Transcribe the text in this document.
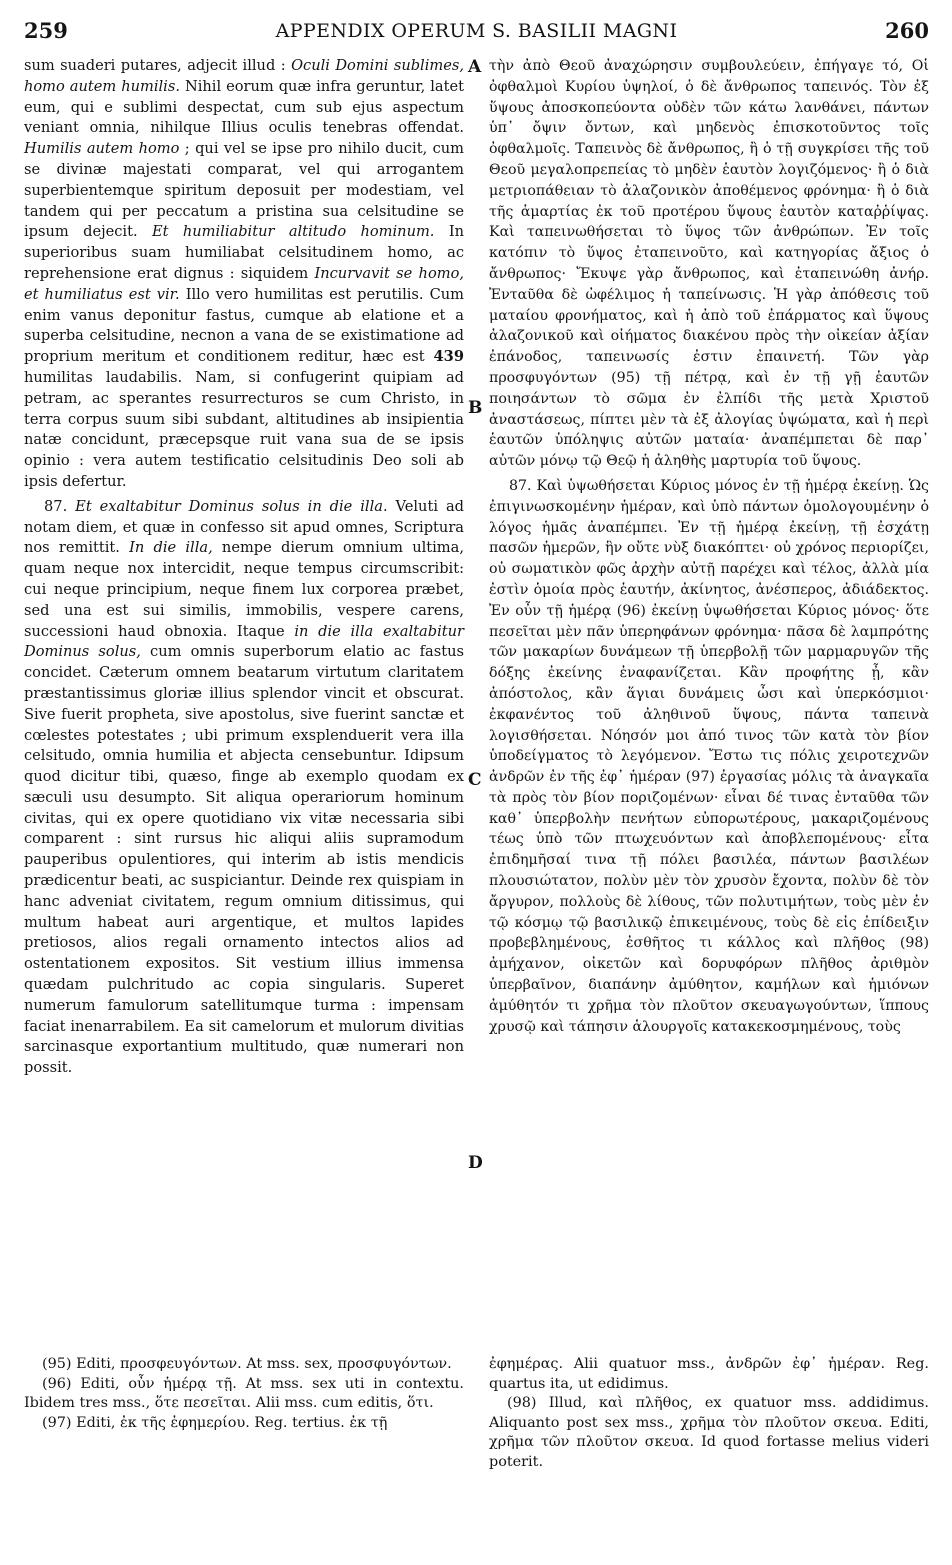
259	APPENDIX OPERUM S. BASILII MAGNI	260

sum suaderi putares, adjecit illud : Oculi Domini sublimes, homo autem humilis. Nihil eorum quæ infra geruntur, latet eum, qui e sublimi despectat, cum sub ejus aspectum veniant omnia, nihilque Illius oculis tenebras offendat. Humilis autem homo ; qui vel se ipse pro nihilo ducit, cum se divinæ majestati comparat, vel qui arrogantem superbientemque spiritum deposuit per modestiam, vel tandem qui per peccatum a pristina sua celsitudine se ipsum dejecit. Et humiliabitur altitudo hominum. In superioribus suam humiliabat celsitudinem homo, ac reprehensione erat dignus : siquidem Incurvavit se homo, et humiliatus est vir. Illo vero humilitas est perutilis. Cum enim vanus deponitur fastus, cumque ab elatione et a superba celsitudine, necnon a vana de se existimatione ad proprium meritum et conditionem reditur, hæc est 439 humilitas laudabilis. Nam, si confugerint quipiam ad petram, ac sperantes resurrecturos se cum Christo, in terra corpus suum sibi subdant, altitudines ab insipientia natæ concidunt, præcepsque ruit vana sua de se ipsis opinio : vera autem testificatio celsitudinis Deo soli ab ipsis defertur.

87. Et exaltabitur Dominus solus in die illa. Veluti ad notam diem, et quæ in confesso sit apud omnes, Scriptura nos remittit. In die illa, nempe dierum omnium ultima, quam neque nox intercidit, neque tempus circumscribit: cui neque principium, neque finem lux corporea præbet, sed una est sui similis, immobilis, vespere carens, successioni haud obnoxia. Itaque in die illa exaltabitur Dominus solus, cum omnis superborum elatio ac fastus concidet. Cæterum omnem beatarum virtutum claritatem præstantissimus gloriæ illius splendor vincit et obscurat. Sive fuerit propheta, sive apostolus, sive fuerint sanctæ et cœlestes potestates ; ubi primum exsplenduerit vera illa celsitudo, omnia humilia et abjecta censebuntur. Idipsum quod dicitur tibi, quæso, finge ab exemplo quodam ex sæculi usu desumpto. Sit aliqua operariorum hominum civitas, qui ex opere quotidiano vix vitæ necessaria sibi comparent : sint rursus hic aliqui aliis supramodum pauperibus opulentiores, qui interim ab istis mendicis prædicentur beati, ac suspiciantur. Deinde rex quispiam in hanc adveniat civitatem, regum omnium ditissimus, qui multum habeat auri argentique, et multos lapides pretiosos, alios regali ornamento intectos alios ad ostentationem expositos. Sit vestium illius immensa quædam pulchritudo ac copia singularis. Superet numerum famulorum satellitumque turma : impensam faciat inenarrabilem. Ea sit camelorum et mulorum divitias sarcinasque exportantium multitudo, quæ numerari non possit.

A
B
C
D

τὴν ἀπὸ Θεοῦ ἀναχώρησιν συμβουλεύειν, ἐπήγαγε τό, Οἱ ὀφθαλμοὶ Κυρίου ὑψηλοί, ὁ δὲ ἄνθρωπος ταπεινός. Τὸν ἐξ ὕψους ἀποσκοπεύοντα οὐδὲν τῶν κάτω λανθάνει, πάντων ὑπ᾽ ὄψιν ὄντων, καὶ μηδενὸς ἐπισκοτοῦντος τοῖς ὀφθαλμοῖς. Ταπεινὸς δὲ ἄνθρωπος, ἢ ὁ τῇ συγκρίσει τῆς τοῦ Θεοῦ μεγαλοπρεπείας τὸ μηδὲν ἑαυτὸν λογιζόμενος· ἢ ὁ διὰ μετριοπάθειαν τὸ ἀλαζονικὸν ἀποθέμενος φρόνημα· ἢ ὁ διὰ τῆς ἁμαρτίας ἐκ τοῦ προτέρου ὕψους ἑαυτὸν καταῤῥίψας. Καὶ ταπεινωθήσεται τὸ ὕψος τῶν ἀνθρώπων. Ἐν τοῖς κατόπιν τὸ ὕψος ἐταπεινοῦτο, καὶ κατηγορίας ἄξιος ὁ ἄνθρωπος· Ἔκυψε γὰρ ἄνθρωπος, καὶ ἐταπεινώθη ἀνήρ. Ἐνταῦθα δὲ ὠφέλιμος ἡ ταπείνωσις. Ἡ γὰρ ἀπόθεσις τοῦ ματαίου φρονήματος, καὶ ἡ ἀπὸ τοῦ ἐπάρματος καὶ ὕψους ἀλαζονικοῦ καὶ οἰήματος διακένου πρὸς τὴν οἰκείαν ἀξίαν ἐπάνοδος, ταπεινωσίς ἐστιν ἐπαινετή. Τῶν γὰρ προσφυγόντων (95) τῇ πέτρᾳ, καὶ ἐν τῇ γῇ ἑαυτῶν ποιησάντων τὸ σῶμα ἐν ἐλπίδι τῆς μετὰ Χριστοῦ ἀναστάσεως, πίπτει μὲν τὰ ἐξ ἀλογίας ὑψώματα, καὶ ἡ περὶ ἑαυτῶν ὑπόληψις αὐτῶν ματαία· ἀναπέμπεται δὲ παρ᾽ αὐτῶν μόνῳ τῷ Θεῷ ἡ ἀληθὴς μαρτυρία τοῦ ὕψους.

87. Καὶ ὑψωθήσεται Κύριος μόνος ἐν τῇ ἡμέρᾳ ἐκείνῃ. Ὡς ἐπιγινωσκομένην ἡμέραν, καὶ ὑπὸ πάντων ὁμολογουμένην ὁ λόγος ἡμᾶς ἀναπέμπει. Ἐν τῇ ἡμέρᾳ ἐκείνῃ, τῇ ἐσχάτῃ πασῶν ἡμερῶν, ἣν οὔτε νὺξ διακόπτει· οὐ χρόνος περιορίζει, οὐ σωματικὸν φῶς ἀρχὴν αὐτῇ παρέχει καὶ τέλος, ἀλλὰ μία ἐστὶν ὁμοία πρὸς ἑαυτήν, ἀκίνητος, ἀνέσπερος, ἀδιάδεκτος. Ἐν οὖν τῇ ἡμέρᾳ (96) ἐκείνῃ ὑψωθήσεται Κύριος μόνος· ὅτε πεσεῖται μὲν πᾶν ὑπερηφάνων φρόνημα· πᾶσα δὲ λαμπρότης τῶν μακαρίων δυνάμεων τῇ ὑπερβολῇ τῶν μαρμαρυγῶν τῆς δόξης ἐκείνης ἐναφανίζεται. Κἂν προφήτης ᾖ, κἂν ἀπόστολος, κἂν ἅγιαι δυνάμεις ὦσι καὶ ὑπερκόσμιοι· ἐκφανέντος τοῦ ἀληθινοῦ ὕψους, πάντα ταπεινὰ λογισθήσεται. Νόησόν μοι ἀπό τινος τῶν κατὰ τὸν βίον ὑποδείγματος τὸ λεγόμενον. Ἔστω τις πόλις χειροτεχνῶν ἀνδρῶν ἐν τῆς ἐφ᾽ ἡμέραν (97) ἐργασίας μόλις τὰ ἀναγκαῖα τὰ πρὸς τὸν βίον ποριζομένων· εἶναι δέ τινας ἐνταῦθα τῶν καθ᾽ ὑπερβολὴν πενήτων εὐπορωτέρους, μακαριζομένους τέως ὑπὸ τῶν πτωχευόντων καὶ ἀποβλεπομένους· εἶτα ἐπιδημῆσαί τινα τῇ πόλει βασιλέα, πάντων βασιλέων πλουσιώτατον, πολὺν μὲν τὸν χρυσὸν ἔχοντα, πολὺν δὲ τὸν ἄργυρον, πολλοὺς δὲ λίθους, τῶν πολυτιμήτων, τοὺς μὲν ἐν τῷ κόσμῳ τῷ βασιλικῷ ἐπικειμένους, τοὺς δὲ εἰς ἐπίδειξιν προβεβλημένους, ἐσθῆτος τι κάλλος καὶ πλῆθος (98) ἀμήχανον, οἰκετῶν καὶ δορυφόρων πλῆθος ἀριθμὸν ὑπερβαῖνον, διαπάνην ἀμύθητον, καμήλων καὶ ἡμιόνων ἀμύθητόν τι χρῆμα τὸν πλοῦτον σκευαγωγούντων, ἵππους χρυσῷ καὶ τάπησιν ἁλουργοῖς κατακεκοσμημένους, τοὺς

(95) Editi, προσφευγόντων. At mss. sex, προσφυγόντων.

(96) Editi, οὖν ἡμέρᾳ τῇ. At mss. sex uti in contextu. Ibidem tres mss., ὅτε πεσεῖται. Alii mss. cum editis, ὅτι.

(97) Editi, ἐκ τῆς ἐφημερίου. Reg. tertius. ἐκ τῇ

ἐφημέρας. Alii quatuor mss., ἀνδρῶν ἐφ᾽ ἡμέραν. Reg. quartus ita, ut edidimus.

(98) Illud, καὶ πλῆθος, ex quatuor mss. addidimus. Aliquanto post sex mss., χρῆμα τὸν πλοῦτον σκευα. Editi, χρῆμα τῶν πλοῦτον σκευα. Id quod fortasse melius videri poterit.
